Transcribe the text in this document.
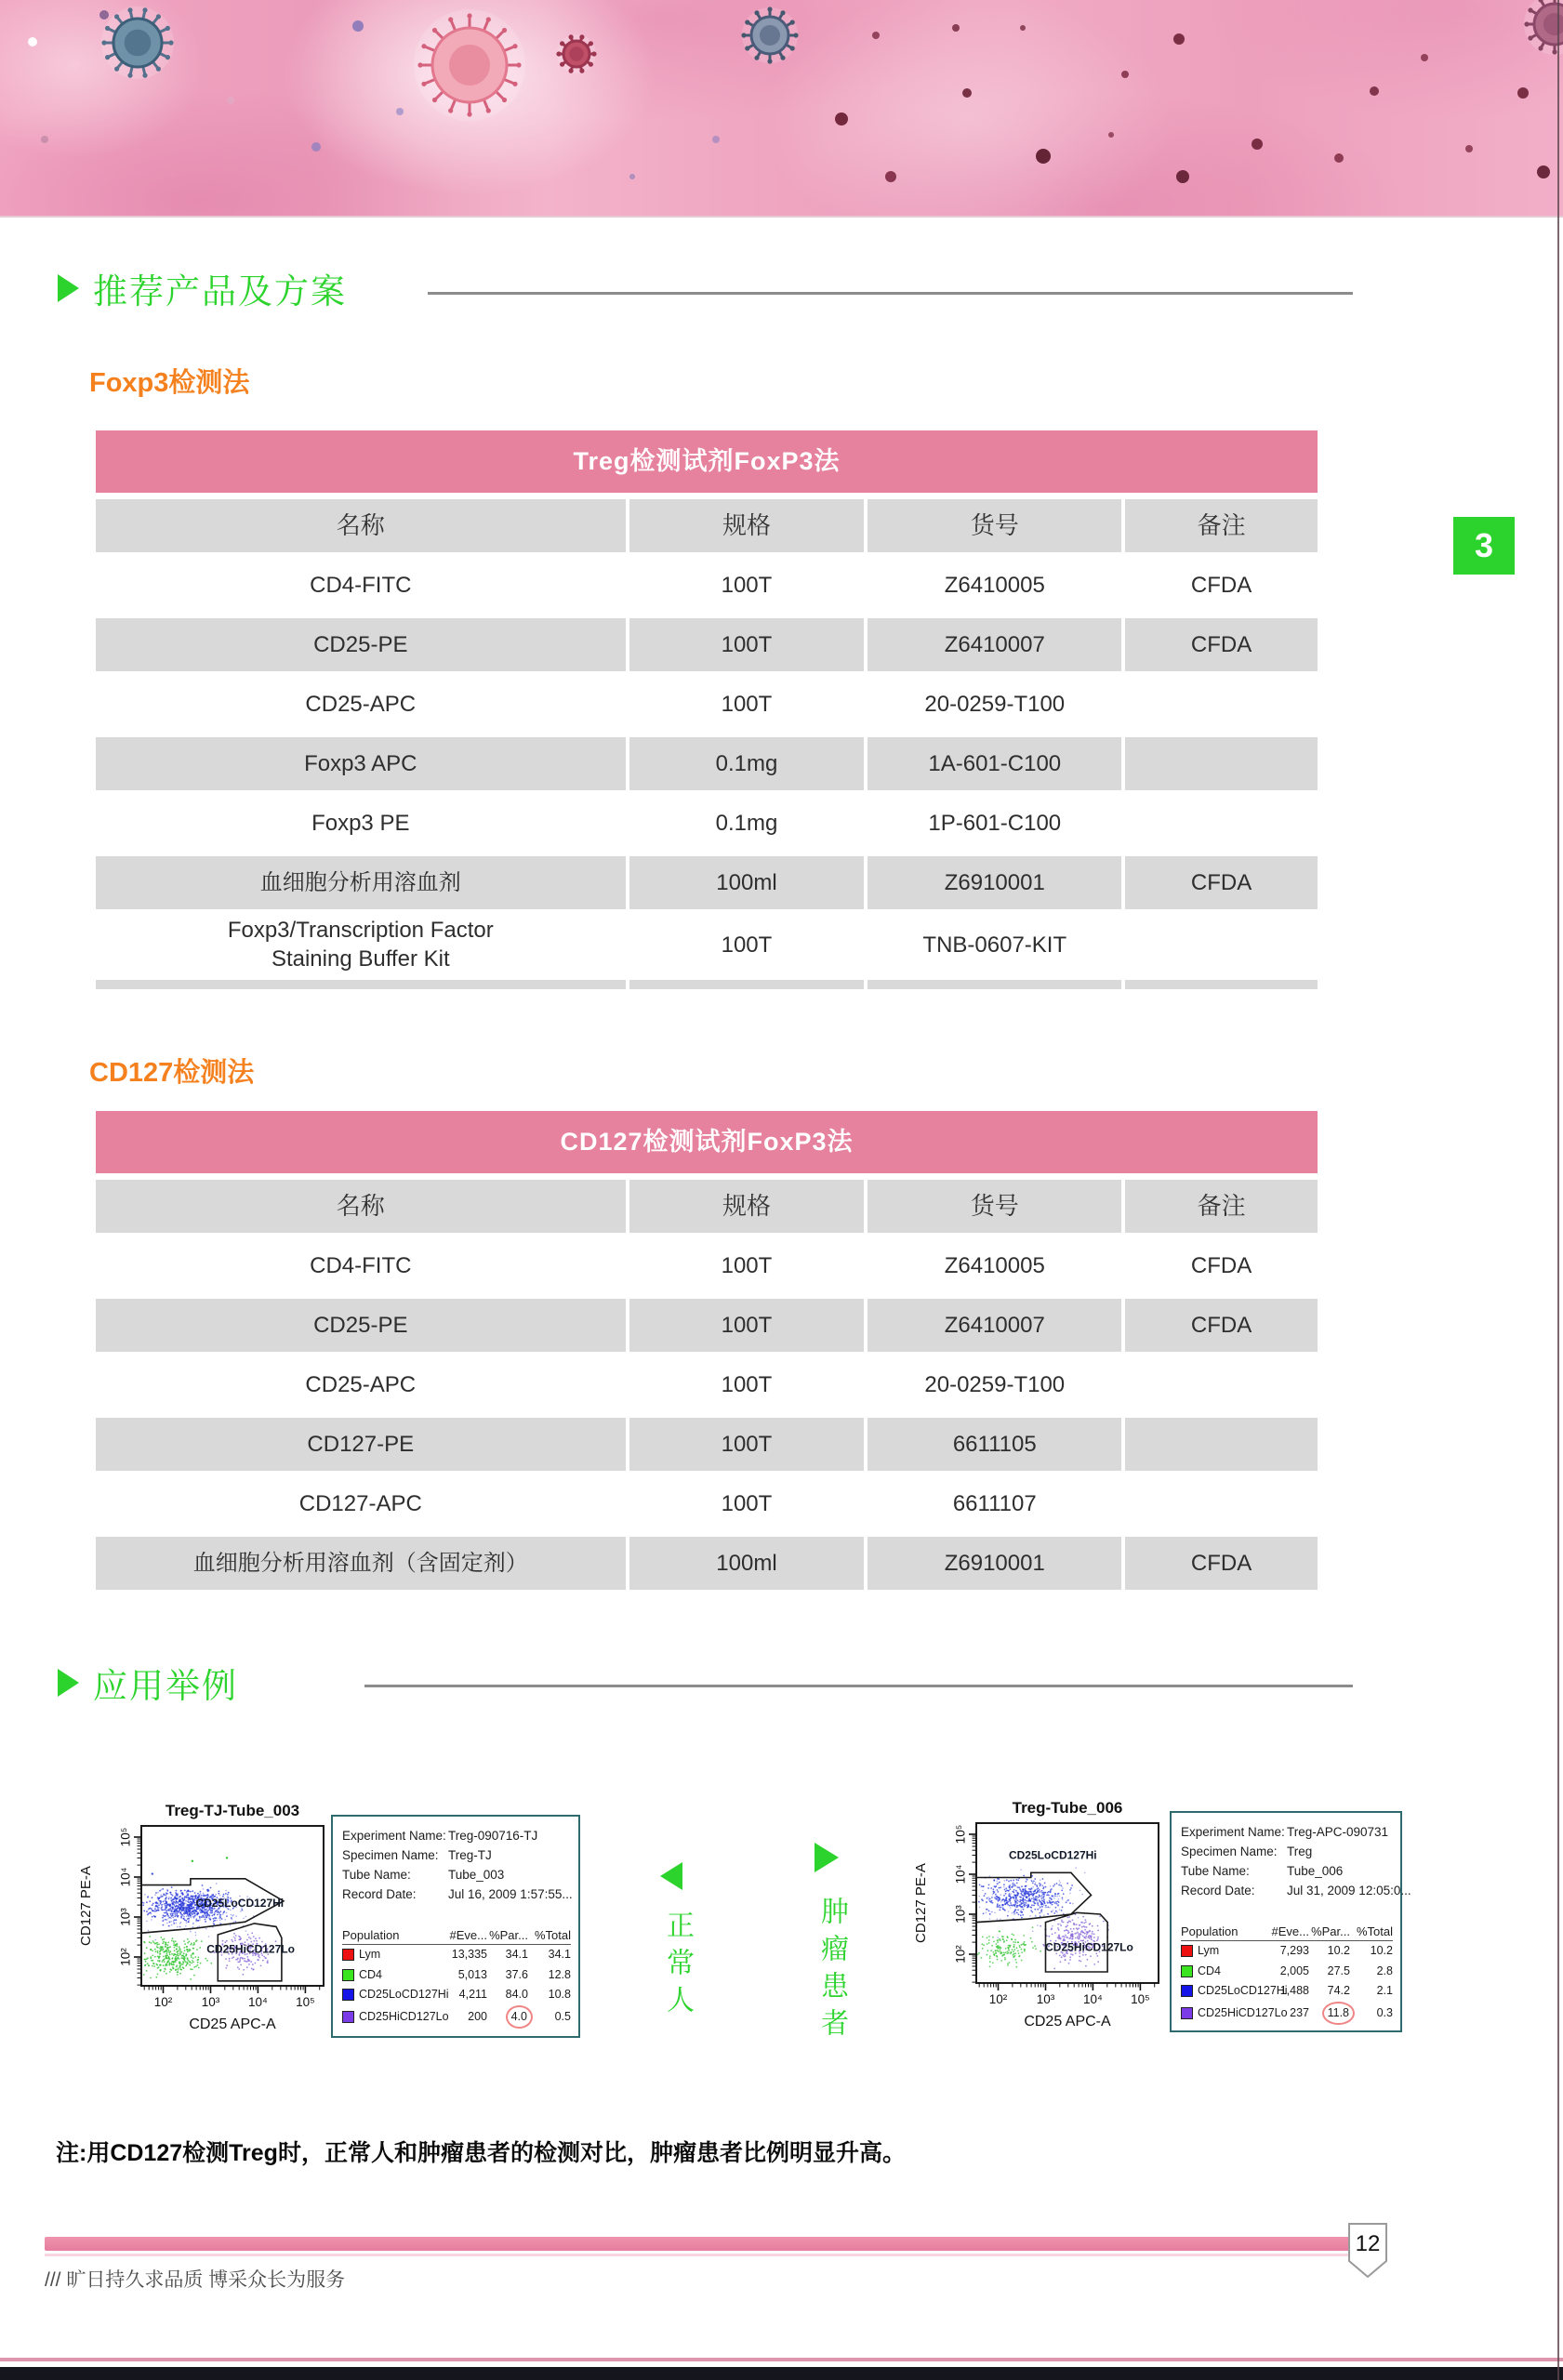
推荐产品及方案
Foxp3检测法
Treg检测试剂FoxP3法
名称	规格	货号	备注
CD4-FITC	100T	Z6410005	CFDA
CD25-PE	100T	Z6410007	CFDA
CD25-APC	100T	20-0259-T100
Foxp3 APC	0.1mg	1A-601-C100
Foxp3 PE	0.1mg	1P-601-C100
血细胞分析用溶血剂	100ml	Z6910001	CFDA
Foxp3/Transcription Factor
Staining Buffer Kit
100T	TNB-0607-KIT
3
CD127检测法
CD127检测试剂FoxP3法
名称	规格	货号	备注
CD4-FITC	100T	Z6410005	CFDA
CD25-PE	100T	Z6410007	CFDA
CD25-APC	100T	20-0259-T100
CD127-PE	100T	6611105
CD127-APC	100T	6611107
血细胞分析用溶血剂（含固定剂）	100ml	Z6910001	CFDA
应用举例
Treg-TJ-Tube_003
CD25LoCD127Hi
CD25HiCD127Lo
10² 10³ 10⁴ 10⁵
10²
10³
10⁴
10⁵
CD25 APC-A
CD127 PE-A
Experiment Name: Treg-090716-TJ
Specimen Name: Treg-TJ
Tube Name:	Tube_003
Record Date:	Jul 16, 2009 1:57:55...
Population	#Eve... %Par... %Total
Lym	13,335	34.1	34.1
CD4	5,013	37.6	12.8
CD25LoCD127Hi 4,211	84.0	10.8
CD25HiCD127Lo	200	4.0	0.5	正常人	肿瘤患者
Treg-Tube_006
CD25LoCD127Hi
CD25HiCD127Lo
10² 10³ 10⁴ 10⁵
10²
10³
10⁴
10⁵
CD25 APC-A
CD127 PE-A
Experiment Name: Treg-APC-090731
Specimen Name: Treg
Tube Name:	Tube_006
Record Date:	Jul 31, 2009 12:05:0...
Population	#Eve... %Par... %Total
Lym	7,293	10.2	10.2
CD4	2,005	27.5	2.8
CD25LoCD127Hi
1,488	74.2	2.1
CD25HiCD127Lo 237	11.8	0.3
注:用CD127检测Treg时，正常人和肿瘤患者的检测对比，肿瘤患者比例明显升高。
12
/// 旷日持久求品质 博采众长为服务
